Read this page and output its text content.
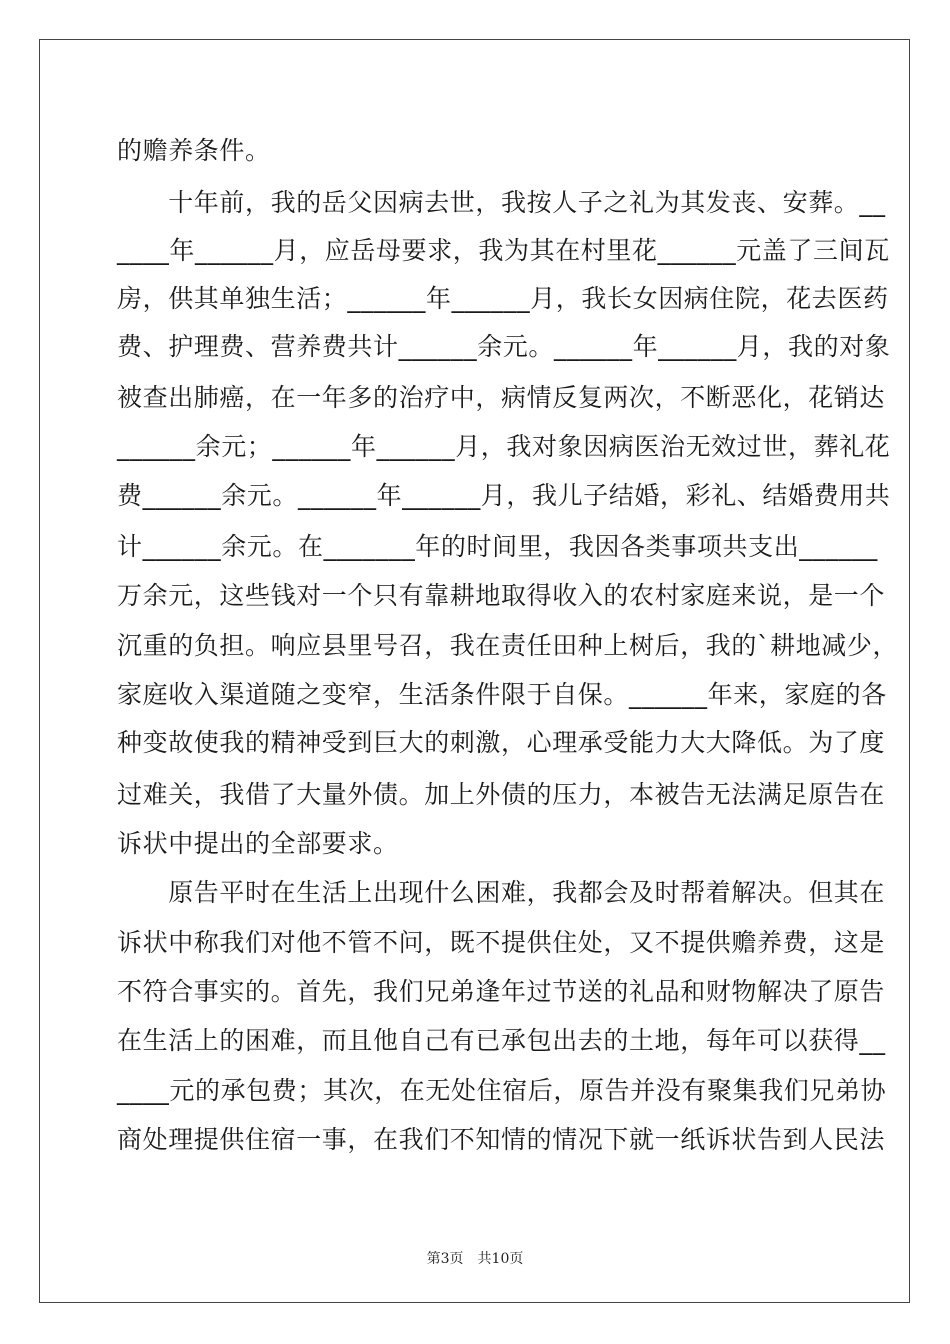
的赡养条件。
　　十年前，我的岳父因病去世，我按人子之礼为其发丧、安葬。__
____年______月，应岳母要求，我为其在村里花______元盖了三间瓦
房，供其单独生活；______年______月，我长女因病住院，花去医药
费、护理费、营养费共计______余元。______年______月，我的对象
被查出肺癌，在一年多的治疗中，病情反复两次，不断恶化，花销达
______余元；______年______月，我对象因病医治无效过世，葬礼花
费______余元。______年______月，我儿子结婚，彩礼、结婚费用共
计______余元。在_______年的时间里，我因各类事项共支出______
万余元，这些钱对一个只有靠耕地取得收入的农村家庭来说，是一个
沉重的负担。响应县里号召，我在责任田种上树后，我的`耕地减少，
家庭收入渠道随之变窄，生活条件限于自保。______年来，家庭的各
种变故使我的精神受到巨大的刺激，心理承受能力大大降低。为了度
过难关，我借了大量外债。加上外债的压力，本被告无法满足原告在
诉状中提出的全部要求。
　　原告平时在生活上出现什么困难，我都会及时帮着解决。但其在
诉状中称我们对他不管不问，既不提供住处，又不提供赡养费，这是
不符合事实的。首先，我们兄弟逢年过节送的礼品和财物解决了原告
在生活上的困难，而且他自己有已承包出去的土地，每年可以获得__
____元的承包费；其次，在无处住宿后，原告并没有聚集我们兄弟协
商处理提供住宿一事，在我们不知情的情况下就一纸诉状告到人民法
第3页　共10页
